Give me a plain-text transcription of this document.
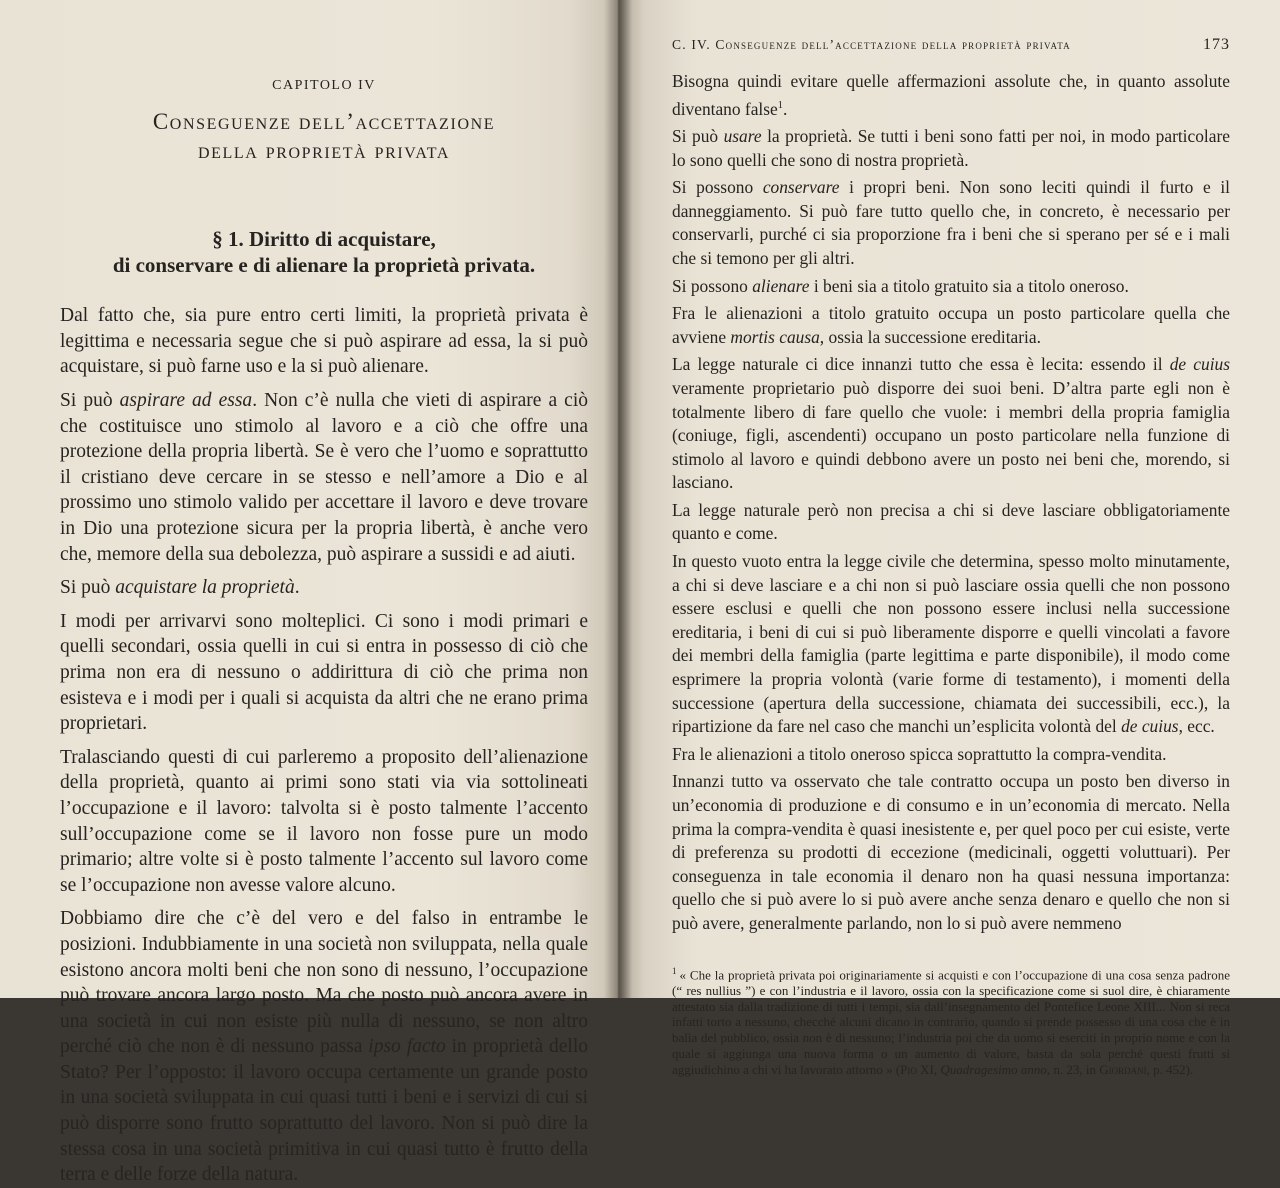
CAPITOLO IV
Conseguenze dell’accettazione
della proprietà privata
§ 1. Diritto di acquistare,
di conservare e di alienare la proprietà privata.

Dal fatto che, sia pure entro certi limiti, la proprietà privata è legittima e necessaria segue che si può aspirare ad essa, la si può acquistare, si può farne uso e la si può alienare.

Si può aspirare ad essa. Non c’è nulla che vieti di aspirare a ciò che costituisce uno stimolo al lavoro e a ciò che offre una protezione della propria libertà. Se è vero che l’uomo e soprattutto il cristiano deve cercare in se stesso e nell’amore a Dio e al prossimo uno stimolo valido per accettare il lavoro e deve trovare in Dio una protezione sicura per la propria libertà, è anche vero che, memore della sua debolezza, può aspirare a sussidi e ad aiuti.

Si può acquistare la proprietà.

I modi per arrivarvi sono molteplici. Ci sono i modi primari e quelli secondari, ossia quelli in cui si entra in possesso di ciò che prima non era di nessuno o addirittura di ciò che prima non esisteva e i modi per i quali si acquista da altri che ne erano prima proprietari.

Tralasciando questi di cui parleremo a proposito dell’alienazione della proprietà, quanto ai primi sono stati via via sottolineati l’occupazione e il lavoro: talvolta si è posto talmente l’accento sull’occupazione come se il lavoro non fosse pure un modo primario; altre volte si è posto talmente l’accento sul lavoro come se l’occupazione non avesse valore alcuno.

Dobbiamo dire che c’è del vero e del falso in entrambe le posizioni. Indubbiamente in una società non sviluppata, nella quale esistono ancora molti beni che non sono di nessuno, l’occupazione può trovare ancora largo posto. Ma che posto può ancora avere in una società in cui non esiste più nulla di nessuno, se non altro perché ciò che non è di nessuno passa ipso facto in proprietà dello Stato? Per l’opposto: il lavoro occupa certamente un grande posto in una società sviluppata in cui quasi tutti i beni e i servizi di cui si può disporre sono frutto soprattutto del lavoro. Non si può dire la stessa cosa in una società primitiva in cui quasi tutto è frutto della terra e delle forze della natura.

C. IV. Conseguenze dell’accettazione della proprietà privata	173

Bisogna quindi evitare quelle affermazioni assolute che, in quanto assolute diventano false$^1$.

Si può usare la proprietà. Se tutti i beni sono fatti per noi, in modo particolare lo sono quelli che sono di nostra proprietà.

Si possono conservare i propri beni. Non sono leciti quindi il furto e il danneggiamento. Si può fare tutto quello che, in concreto, è necessario per conservarli, purché ci sia proporzione fra i beni che si sperano per sé e i mali che si temono per gli altri.

Si possono alienare i beni sia a titolo gratuito sia a titolo oneroso.

Fra le alienazioni a titolo gratuito occupa un posto particolare quella che avviene mortis causa, ossia la successione ereditaria.

La legge naturale ci dice innanzi tutto che essa è lecita: essendo il de cuius veramente proprietario può disporre dei suoi beni. D’altra parte egli non è totalmente libero di fare quello che vuole: i membri della propria famiglia (coniuge, figli, ascendenti) occupano un posto particolare nella funzione di stimolo al lavoro e quindi debbono avere un posto nei beni che, morendo, si lasciano.

La legge naturale però non precisa a chi si deve lasciare obbligatoriamente quanto e come.

In questo vuoto entra la legge civile che determina, spesso molto minutamente, a chi si deve lasciare e a chi non si può lasciare ossia quelli che non possono essere esclusi e quelli che non possono essere inclusi nella successione ereditaria, i beni di cui si può liberamente disporre e quelli vincolati a favore dei membri della famiglia (parte legittima e parte disponibile), il modo come esprimere la propria volontà (varie forme di testamento), i momenti della successione (apertura della successione, chiamata dei successibili, ecc.), la ripartizione da fare nel caso che manchi un’esplicita volontà del de cuius, ecc.

Fra le alienazioni a titolo oneroso spicca soprattutto la compra-vendita.

Innanzi tutto va osservato che tale contratto occupa un posto ben diverso in un’economia di produzione e di consumo e in un’economia di mercato. Nella prima la compra-vendita è quasi inesistente e, per quel poco per cui esiste, verte di preferenza su prodotti di eccezione (medicinali, oggetti voluttuari). Per conseguenza in tale economia il denaro non ha quasi nessuna importanza: quello che si può avere lo si può avere anche senza denaro e quello che non si può avere, generalmente parlando, non lo si può avere nemmeno

$^1$ « Che la proprietà privata poi originariamente si acquisti e con l’occupazione di una cosa senza padrone (“ res nullius ”) e con l’industria e il lavoro, ossia con la specificazione come si suol dire, è chiaramente attestato sia dalla tradizione di tutti i tempi, sia dall’insegnamento del Pontefice Leone XIII... Non si reca infatti torto a nessuno, checché alcuni dicano in contrario, quando si prende possesso di una cosa che è in balìa del pubblico, ossia non è di nessuno; l’industria poi che da uomo si eserciti in proprio nome e con la quale si aggiunga una nuova forma o un aumento di valore, basta da sola perché questi frutti si aggiudichino a chi vi ha lavorato attorno » (Pio XI, Quadragesimo anno, n. 23, in Giordani, p. 452).
